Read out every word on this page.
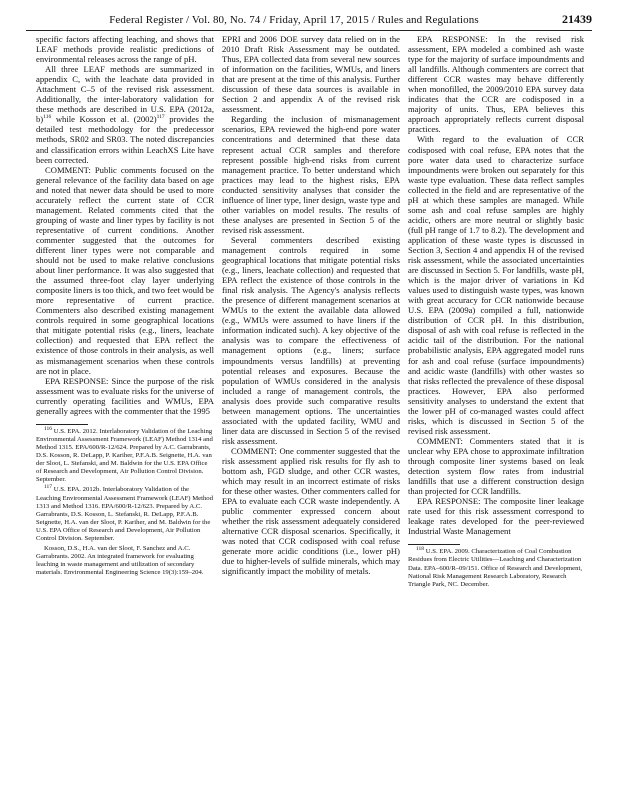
Federal Register / Vol. 80, No. 74 / Friday, April 17, 2015 / Rules and Regulations	21439

specific factors affecting leaching, and shows that LEAF methods provide realistic predictions of environmental releases across the range of pH.

All three LEAF methods are summarized in appendix C, with the leachate data provided in Attachment C–5 of the revised risk assessment. Additionally, the inter-laboratory validation for these methods are described in U.S. EPA (2012a, b)$^{116}$ while Kosson et al. $(2002)^{117}$ provides the detailed test methodology for the predecessor methods, SR02 and SR03. The noted discrepancies and classification errors within LeachXS Lite have been corrected.

COMMENT: Public comments focused on the general relevance of the facility data based on age and noted that newer data should be used to more accurately reflect the current state of CCR management. Related comments cited that the grouping of waste and liner types by facility is not representative of current conditions. Another commenter suggested that the outcomes for different liner types were not comparable and should not be used to make relative conclusions about liner performance. It was also suggested that the assumed three-foot clay layer underlying composite liners is too thick, and two feet would be more representative of current practice. Commenters also described existing management controls required in some geographical locations that mitigate potential risks (e.g., liners, leachate collection) and requested that EPA reflect the existence of those controls in their analysis, as well as mismanagement scenarios when these controls are not in place.

EPA RESPONSE: Since the purpose of the risk assessment was to evaluate risks for the universe of currently operating facilities and WMUs, EPA generally agrees with the commenter that the 1995

$^{116}$ U.S. EPA. 2012. Interlaboratory Validation of the Leaching Environmental Assessment Framework (LEAF) Method 1314 and Method 1315. EPA/600/R-12/624. Prepared by A.C. Garrabrants, D.S. Kosson, R. DeLapp, P. Kariher, P.F.A.B. Seignette, H.A. van der Sloot, L. Stefanski, and M. Baldwin for the U.S. EPA Office of Research and Development, Air Pollution Control Division. September.

$^{117}$ U.S. EPA. 2012b. Interlaboratory Validation of the Leaching Environmental Assessment Framework (LEAF) Method 1313 and Method 1316. EPA/600/R-12/623. Prepared by A.C. Garrabrants, D.S. Kosson, L. Stefanski, R. DeLapp, P.F.A.B. Seignette, H.A. van der Sloot, P. Kariher, and M. Baldwin for the U.S. EPA Office of Research and Development, Air Pollution Control Division. September.

Kosson, D.S., H.A. van der Sloot, F. Sanchez and A.C. Garrabrants. 2002. An integrated framework for evaluating leaching in waste management and utilization of secondary materials. Environmental Engineering Science 19(3):159–204.

EPRI and 2006 DOE survey data relied on in the 2010 Draft Risk Assessment may be outdated. Thus, EPA collected data from several new sources of information on the facilities, WMUs, and liners that are present at the time of this analysis. Further discussion of these data sources is available in Section 2 and appendix A of the revised risk assessment.

Regarding the inclusion of mismanagement scenarios, EPA reviewed the high-end pore water concentrations and determined that these data represent actual CCR samples and therefore represent possible high-end risks from current management practice. To better understand which practices may lead to the highest risks, EPA conducted sensitivity analyses that consider the influence of liner type, liner design, waste type and other variables on model results. The results of these analyses are presented in Section 5 of the revised risk assessment.

Several commenters described existing management controls required in some geographical locations that mitigate potential risks (e.g., liners, leachate collection) and requested that EPA reflect the existence of those controls in the final risk analysis. The Agency's analysis reflects the presence of different management scenarios at WMUs to the extent the available data allowed (e.g., WMUs were assumed to have liners if the information indicated such). A key objective of the analysis was to compare the effectiveness of management options (e.g., liners; surface impoundments versus landfills) at preventing potential releases and exposures. Because the population of WMUs considered in the analysis included a range of management controls, the analysis does provide such comparative results between management options. The uncertainties associated with the updated facility, WMU and liner data are discussed in Section 5 of the revised risk assessment.

COMMENT: One commenter suggested that the risk assessment applied risk results for fly ash to bottom ash, FGD sludge, and other CCR wastes, which may result in an incorrect estimate of risks for these other wastes. Other commenters called for EPA to evaluate each CCR waste independently. A public commenter expressed concern about whether the risk assessment adequately considered alternative CCR disposal scenarios. Specifically, it was noted that CCR codisposed with coal refuse generate more acidic conditions (i.e., lower pH) due to higher-levels of sulfide minerals, which may significantly impact the mobility of metals.

EPA RESPONSE: In the revised risk assessment, EPA modeled a combined ash waste type for the majority of surface impoundments and all landfills. Although commenters are correct that different CCR wastes may behave differently when monofilled, the 2009/2010 EPA survey data indicates that the CCR are codisposed in a majority of units. Thus, EPA believes this approach appropriately reflects current disposal practices.

With regard to the evaluation of CCR codisposed with coal refuse, EPA notes that the pore water data used to characterize surface impoundments were broken out separately for this waste type evaluation. These data reflect samples collected in the field and are representative of the pH at which these samples are managed. While some ash and coal refuse samples are highly acidic, others are more neutral or slightly basic (full pH range of 1.7 to 8.2). The development and application of these waste types is discussed in Section 3, Section 4 and appendix H of the revised risk assessment, while the associated uncertainties are discussed in Section 5. For landfills, waste pH, which is the major driver of variations in Kd values used to distinguish waste types, was known with great accuracy for CCR nationwide because U.S. EPA (2009a) compiled a full, nationwide distribution of CCR pH. In this distribution, disposal of ash with coal refuse is reflected in the acidic tail of the distribution. For the national probabilistic analysis, EPA aggregated model runs for ash and coal refuse (surface impoundments) and acidic waste (landfills) with other wastes so that risks reflected the prevalence of these disposal practices. However, EPA also performed sensitivity analyses to understand the extent that the lower pH of co-managed wastes could affect risks, which is discussed in Section 5 of the revised risk assessment.

COMMENT: Commenters stated that it is unclear why EPA chose to approximate infiltration through composite liner systems based on leak detection system flow rates from industrial landfills that use a different construction design than projected for CCR landfills.

EPA RESPONSE: The composite liner leakage rate used for this risk assessment correspond to leakage rates developed for the peer-reviewed Industrial Waste Management

$^{118}$ U.S. EPA. 2009. Characterization of Coal Combustion Residues from Electric Utilities—Leaching and Characterization Data. EPA–600/R–09/151. Office of Research and Development, National Risk Management Research Laboratory, Research Triangle Park, NC. December.
